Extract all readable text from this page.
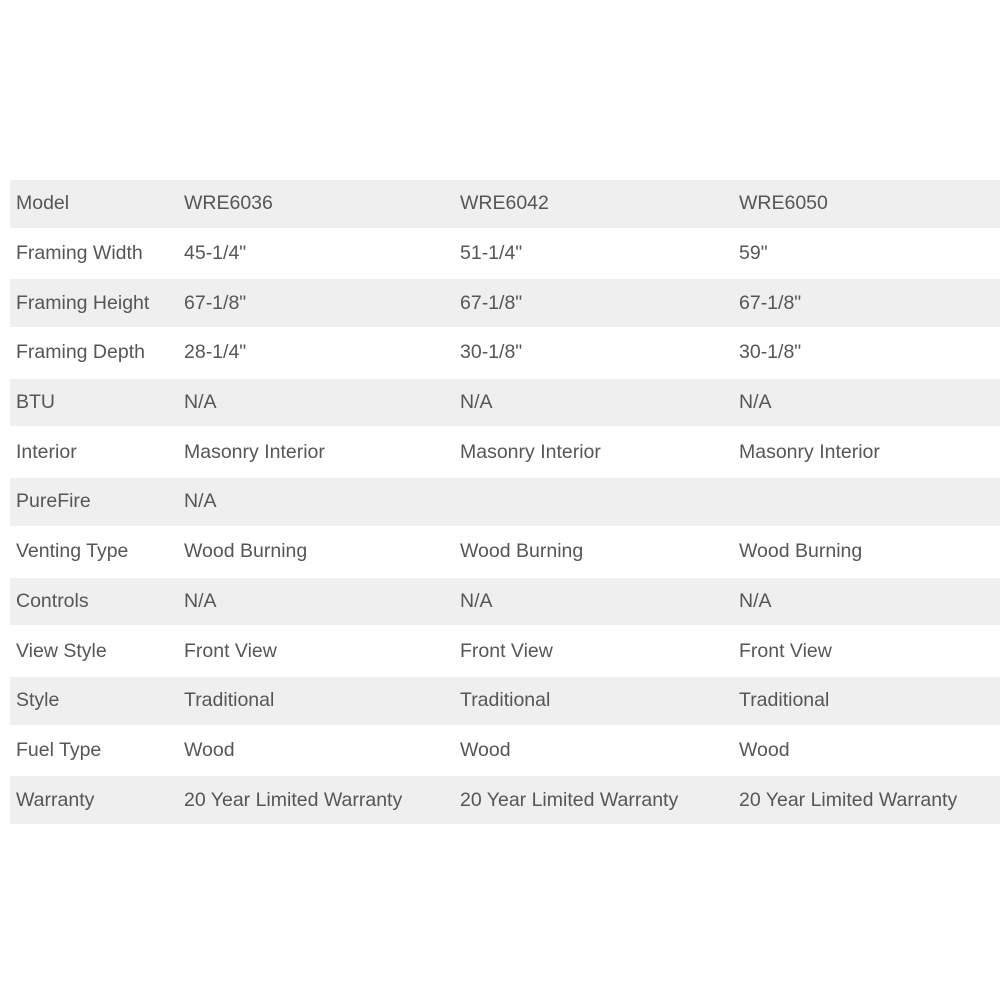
Model	WRE6036	WRE6042	WRE6050
Framing Width	45-1/4"	51-1/4"	59"
Framing Height	67-1/8"	67-1/8"	67-1/8"
Framing Depth	28-1/4"	30-1/8"	30-1/8"
BTU	N/A	N/A	N/A
Interior	Masonry Interior	Masonry Interior	Masonry Interior
PureFire	N/A		
Venting Type	Wood Burning	Wood Burning	Wood Burning
Controls	N/A	N/A	N/A
View Style	Front View	Front View	Front View
Style	Traditional	Traditional	Traditional
Fuel Type	Wood	Wood	Wood
Warranty	20 Year Limited Warranty	20 Year Limited Warranty	20 Year Limited Warranty
